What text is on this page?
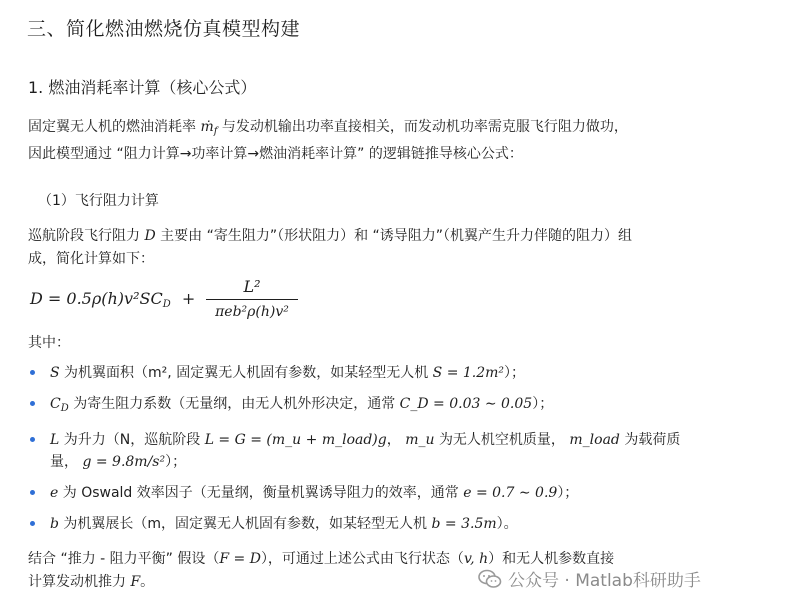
三、简化燃油燃烧仿真模型构建
1. 燃油消耗率计算（核心公式）
固定翼无人机的燃油消耗率 ṁ$_f$ 与发动机输出功率直接相关，而发动机功率需克服飞行阻力做功，
因此模型通过 “阻力计算→功率计算→燃油消耗率计算” 的逻辑链推导核心公式：
（1）飞行阻力计算
巡航阶段飞行阻力 D 主要由 “寄生阻力”（形状阻力）和 “诱导阻力”（机翼产生升力伴随的阻力）组
成，简化计算如下：
$D = 0.5\rho(h)v^2SC_D$ +
L²
πeb²ρ(h)v²
其中：
S 为机翼面积（m², 固定翼无人机固有参数，如某轻型无人机 S = 1.2m²）；
$C_D$ 为寄生阻力系数（无量纲，由无人机外形决定，通常 C_D = 0.03 ∼ 0.05）；
L 为升力（N，巡航阶段 L = G = (m_u + m_load)g， m_u 为无人机空机质量， m_load 为载荷质
量， g = 9.8m/s²）；
e 为 Oswald 效率因子（无量纲，衡量机翼诱导阻力的效率，通常 e = 0.7 ∼ 0.9）；
b 为机翼展长（m，固定翼无人机固有参数，如某轻型无人机 b = 3.5m）。
结合 “推力 - 阻力平衡” 假设（F = D），可通过上述公式由飞行状态（v, h）和无人机参数直接
计算发动机推力 F。	公众号 · Matlab科研助手
